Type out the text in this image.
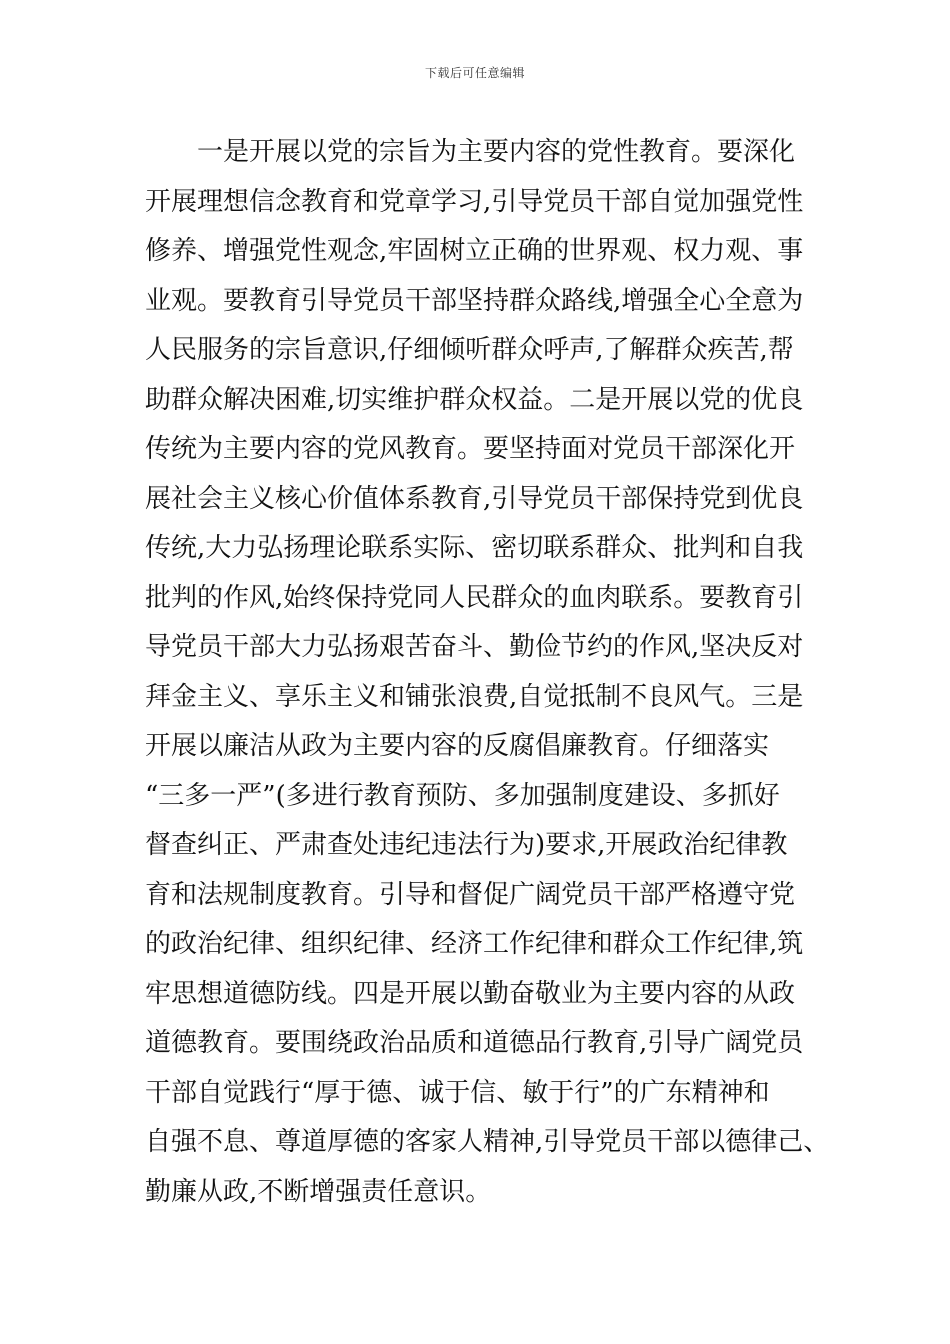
下载后可任意编辑
一是开展以党的宗旨为主要内容的党性教育。要深化
开展理想信念教育和党章学习,引导党员干部自觉加强党性
修养、增强党性观念,牢固树立正确的世界观、权力观、事
业观。要教育引导党员干部坚持群众路线,增强全心全意为
人民服务的宗旨意识,仔细倾听群众呼声,了解群众疾苦,帮
助群众解决困难,切实维护群众权益。二是开展以党的优良
传统为主要内容的党风教育。要坚持面对党员干部深化开
展社会主义核心价值体系教育,引导党员干部保持党到优良
传统,大力弘扬理论联系实际、密切联系群众、批判和自我
批判的作风,始终保持党同人民群众的血肉联系。要教育引
导党员干部大力弘扬艰苦奋斗、勤俭节约的作风,坚决反对
拜金主义、享乐主义和铺张浪费,自觉抵制不良风气。三是
开展以廉洁从政为主要内容的反腐倡廉教育。仔细落实
“三多一严”(多进行教育预防、多加强制度建设、多抓好
督查纠正、严肃查处违纪违法行为)要求,开展政治纪律教
育和法规制度教育。引导和督促广阔党员干部严格遵守党
的政治纪律、组织纪律、经济工作纪律和群众工作纪律,筑
牢思想道德防线。四是开展以勤奋敬业为主要内容的从政
道德教育。要围绕政治品质和道德品行教育,引导广阔党员
干部自觉践行“厚于德、诚于信、敏于行”的广东精神和
自强不息、尊道厚德的客家人精神,引导党员干部以德律己、
勤廉从政,不断增强责任意识。
